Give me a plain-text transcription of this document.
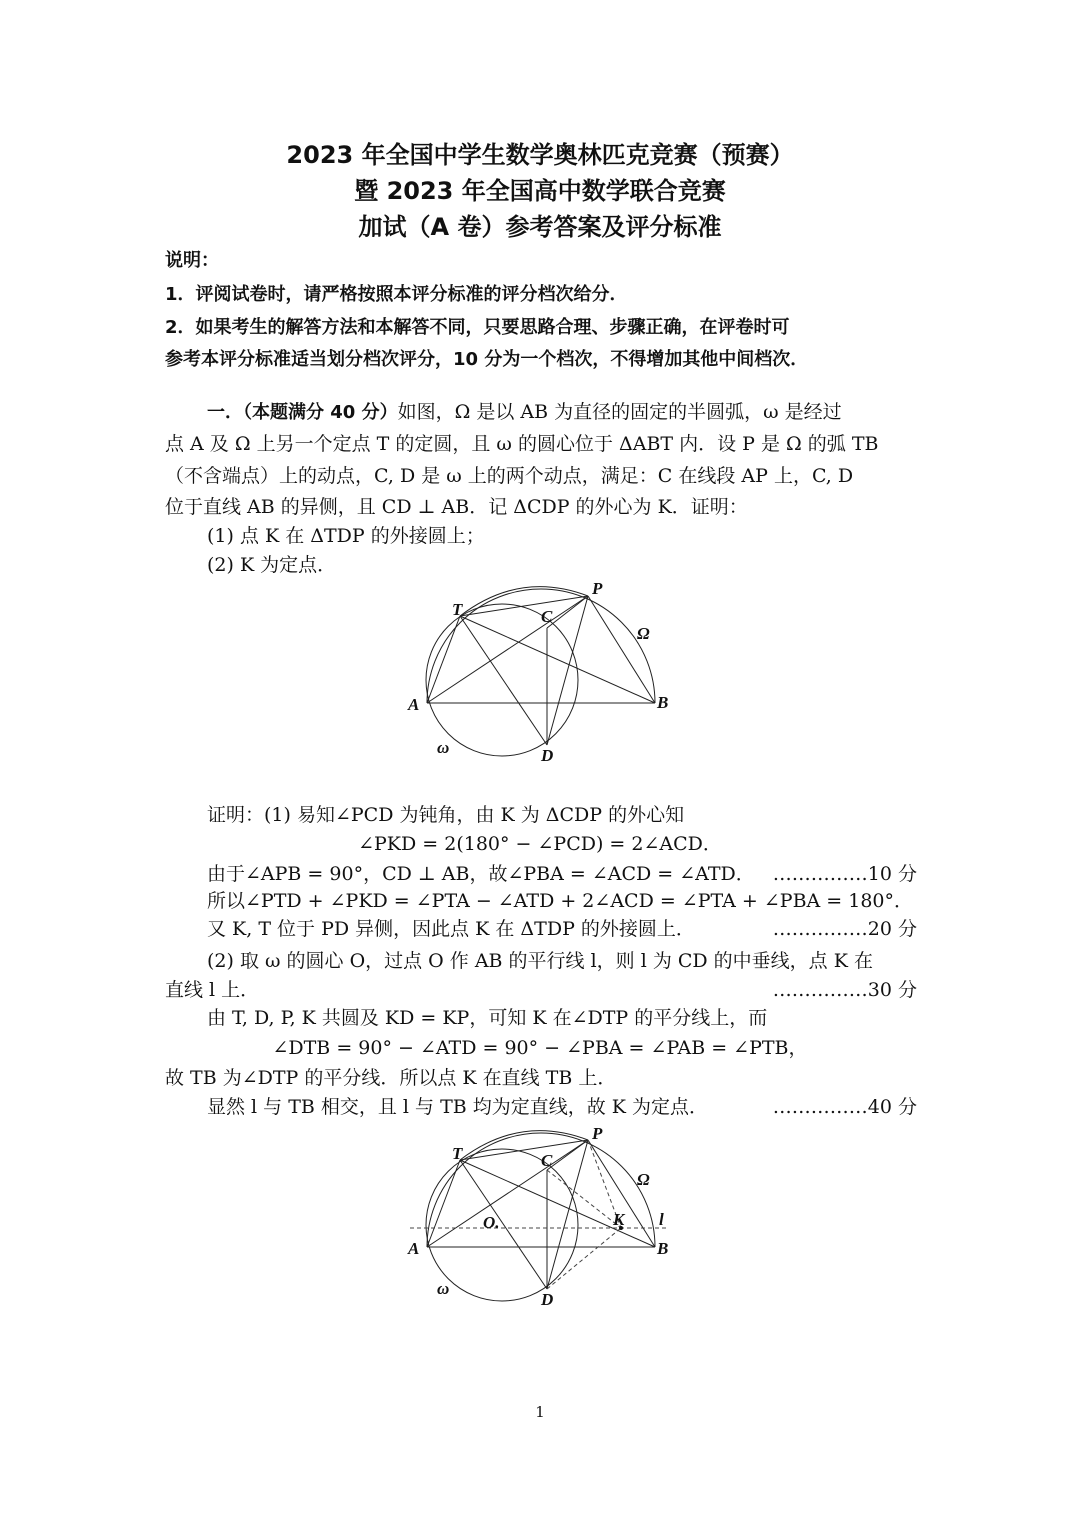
2023 年全国中学生数学奥林匹克竞赛（预赛）
暨 2023 年全国高中数学联合竞赛
加试（A 卷）参考答案及评分标准
说明：
1．评阅试卷时，请严格按照本评分标准的评分档次给分．
2．如果考生的解答方法和本解答不同，只要思路合理、步骤正确，在评卷时可
参考本评分标准适当划分档次评分，10 分为一个档次，不得增加其他中间档次．
一．（本题满分 40 分）如图，Ω 是以 AB 为直径的固定的半圆弧，ω 是经过
点 A 及 Ω 上另一个定点 T 的定圆，且 ω 的圆心位于 ΔABT 内．设 P 是 Ω 的弧 TB
（不含端点）上的动点，C, D 是 ω 上的两个动点，满足：C 在线段 AP 上，C, D
位于直线 AB 的异侧，且 CD ⊥ AB．记 ΔCDP 的外心为 K．证明：
(1) 点 K 在 ΔTDP 的外接圆上；
(2) K 为定点．
T	C
P
Ω
A	B
ω	D
证明：(1) 易知∠PCD 为钝角，由 K 为 ΔCDP 的外心知
∠PKD = 2(180° − ∠PCD) = 2∠ACD．
由于∠APB = 90°，CD ⊥ AB，故∠PBA = ∠ACD = ∠ATD． ……………10 分
所以∠PTD + ∠PKD = ∠PTA − ∠ATD + 2∠ACD = ∠PTA + ∠PBA = 180°．
又 K, T 位于 PD 异侧，因此点 K 在 ΔTDP 的外接圆上．	……………20 分
(2) 取 ω 的圆心 O，过点 O 作 AB 的平行线 l，则 l 为 CD 的中垂线，点 K 在
直线 l 上．	……………30 分
由 T, D, P, K 共圆及 KD = KP，可知 K 在∠DTP 的平分线上，而
∠DTB = 90° − ∠ATD = 90° − ∠PBA = ∠PAB = ∠PTB，
故 TB 为∠DTP 的平分线．所以点 K 在直线 TB 上．
显然 l 与 TB 相交，且 l 与 TB 均为定直线，故 K 为定点．	……………40 分
T	C
P
Ω
O.	K l
A	B
ω
D
1
